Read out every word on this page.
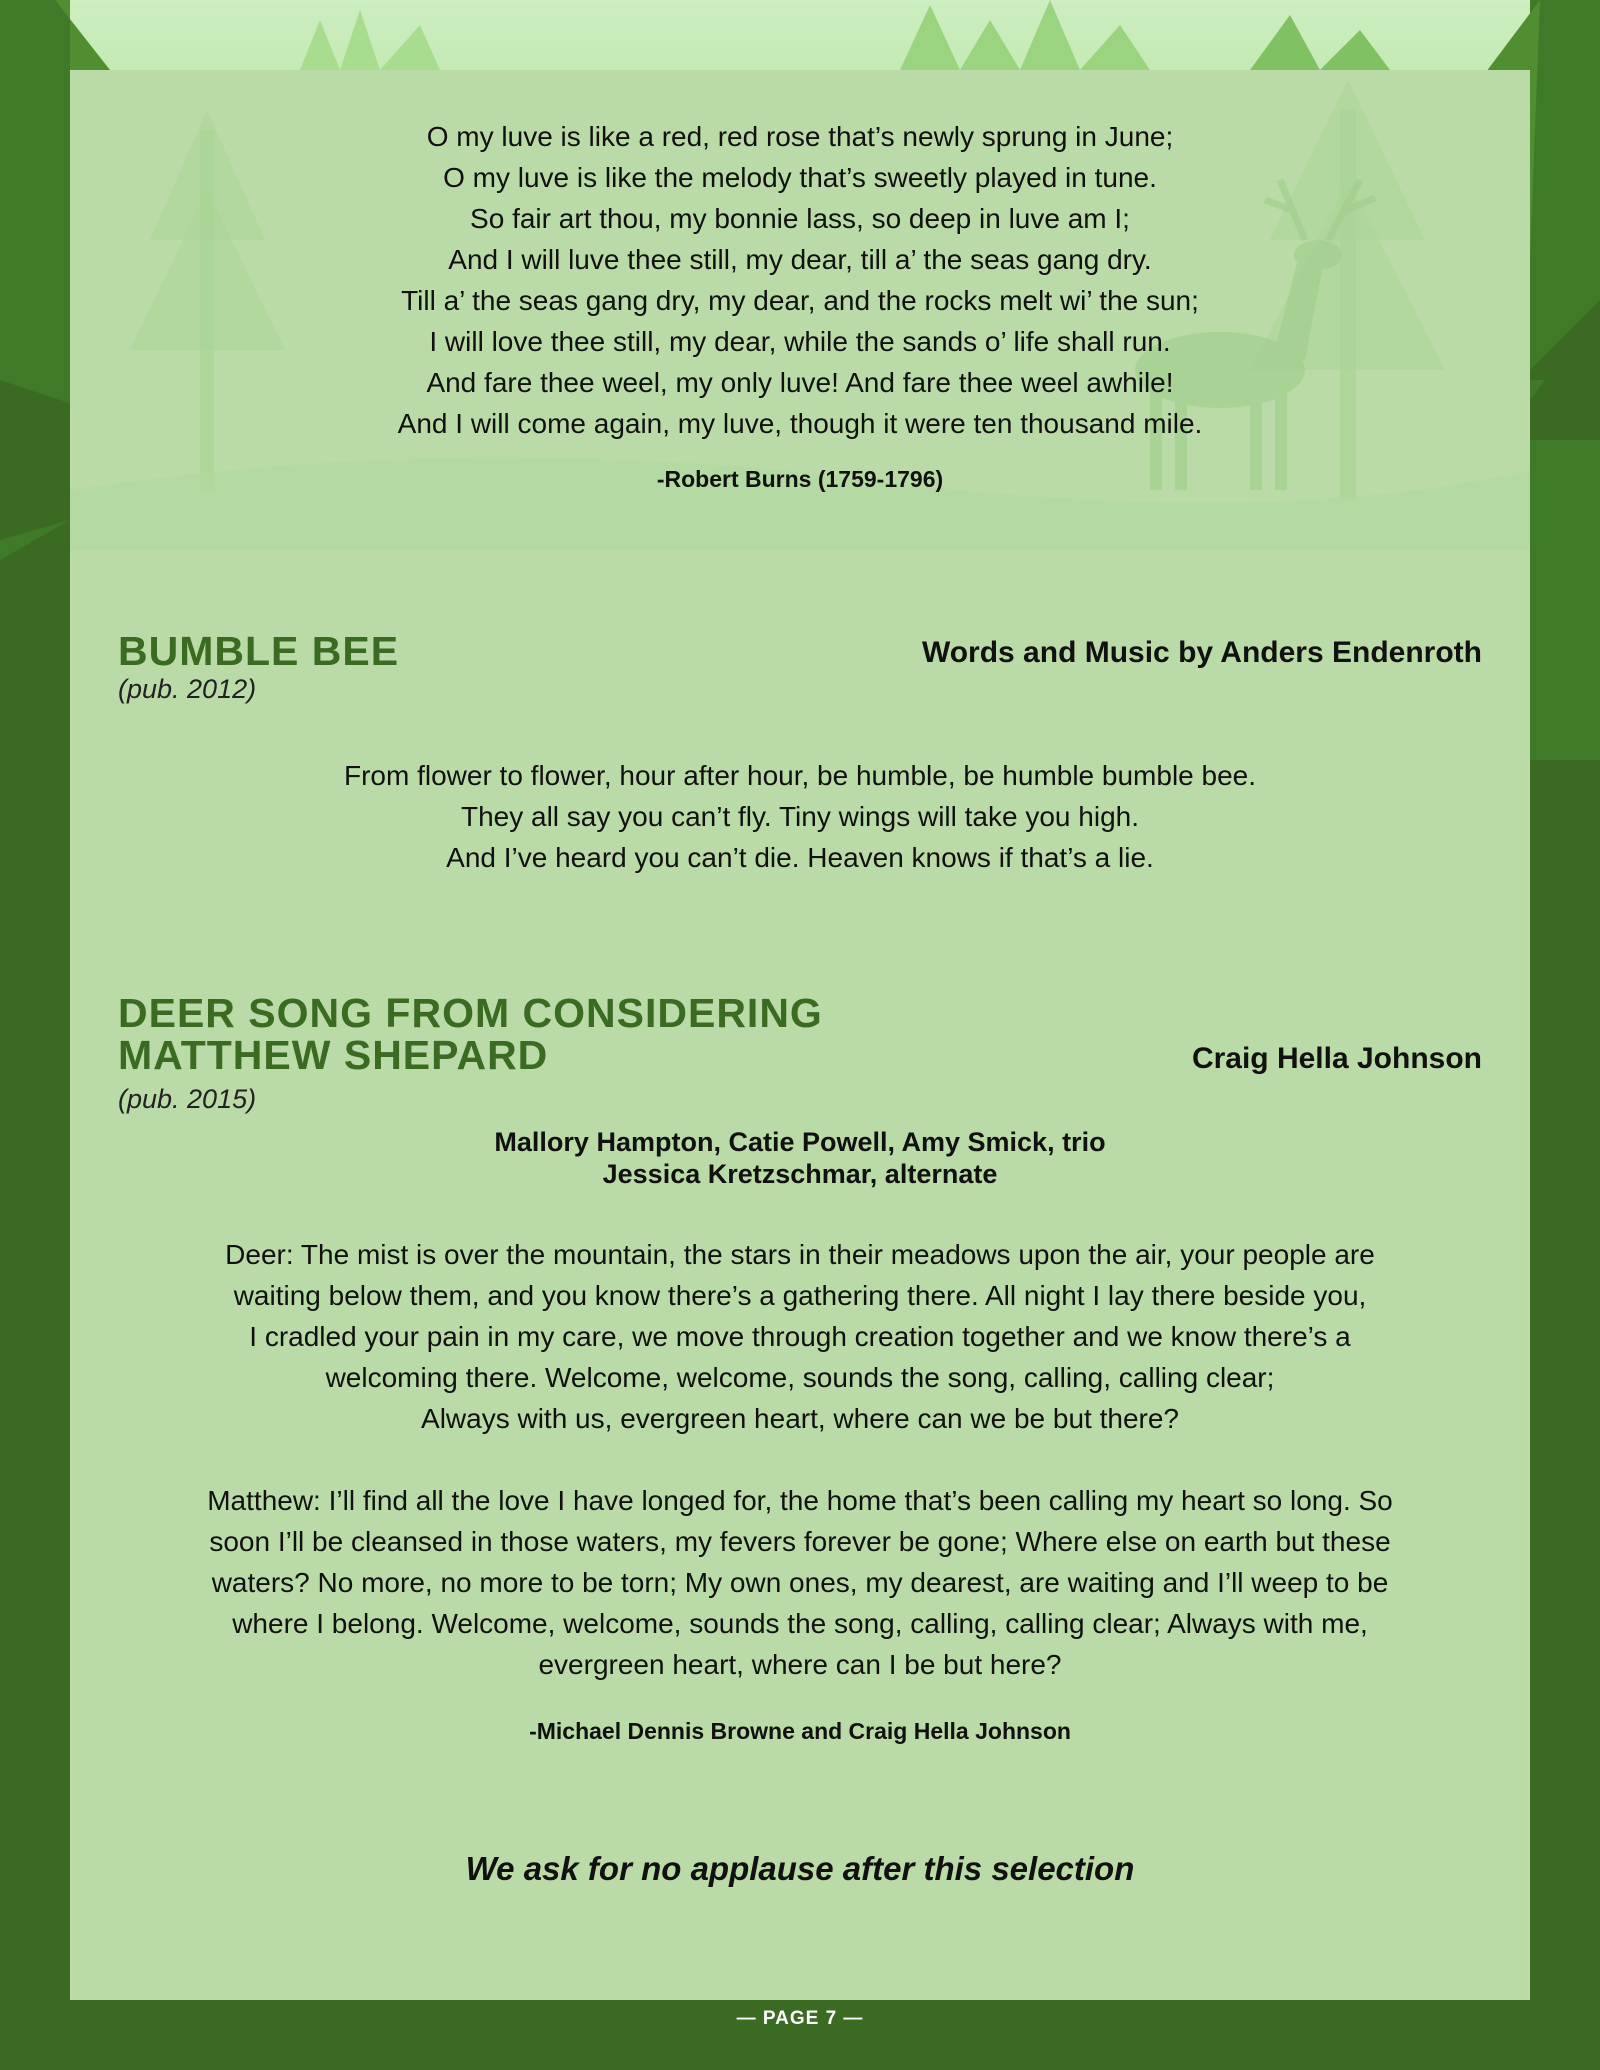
O my luve is like a red, red rose that’s newly sprung in June;
O my luve is like the melody that’s sweetly played in tune.
So fair art thou, my bonnie lass, so deep in luve am I;
And I will luve thee still, my dear, till a’ the seas gang dry.
Till a’ the seas gang dry, my dear, and the rocks melt wi’ the sun;
I will love thee still, my dear, while the sands o’ life shall run.
And fare thee weel, my only luve! And fare thee weel awhile!
And I will come again, my luve, though it were ten thousand mile.
-Robert Burns (1759-1796)
BUMBLE BEE
(pub. 2012)
Words and Music by Anders Endenroth
From flower to flower, hour after hour, be humble, be humble bumble bee.
They all say you can’t fly. Tiny wings will take you high.
And I’ve heard you can’t die. Heaven knows if that’s a lie.
DEER SONG FROM CONSIDERING
MATTHEW SHEPARD
(pub. 2015)
Craig Hella Johnson
Mallory Hampton, Catie Powell, Amy Smick, trio
Jessica Kretzschmar, alternate
Deer: The mist is over the mountain, the stars in their meadows upon the air, your people are
waiting below them, and you know there’s a gathering there. All night I lay there beside you,
I cradled your pain in my care, we move through creation together and we know there’s a
welcoming there. Welcome, welcome, sounds the song, calling, calling clear;
Always with us, evergreen heart, where can we be but there?
Matthew: I’ll find all the love I have longed for, the home that’s been calling my heart so long. So
soon I’ll be cleansed in those waters, my fevers forever be gone; Where else on earth but these
waters? No more, no more to be torn; My own ones, my dearest, are waiting and I’ll weep to be
where I belong. Welcome, welcome, sounds the song, calling, calling clear; Always with me,
evergreen heart, where can I be but here?
-Michael Dennis Browne and Craig Hella Johnson
We ask for no applause after this selection
— PAGE 7 —
